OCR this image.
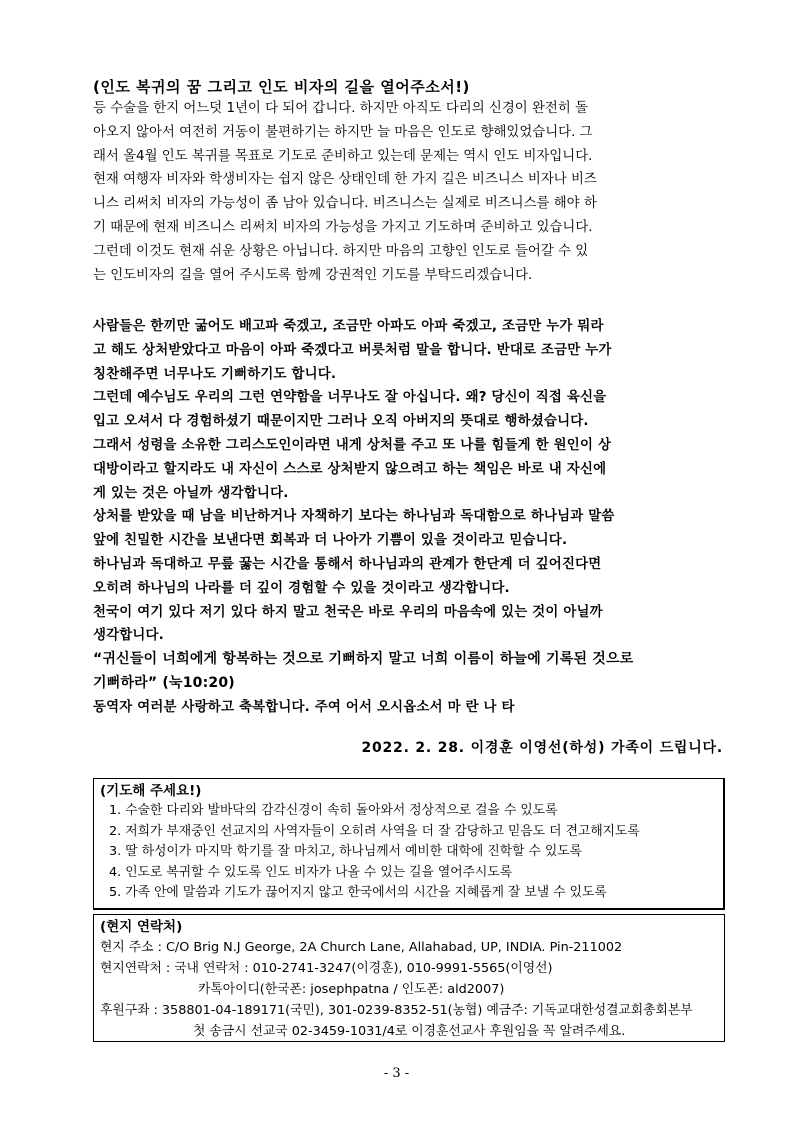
(인도 복귀의 꿈 그리고 인도 비자의 길을 열어주소서!)
등 수술을 한지 어느덧 1년이 다 되어 갑니다. 하지만 아직도 다리의 신경이 완전히 돌
아오지 않아서 여전히 거동이 불편하기는 하지만 늘 마음은 인도로 향해있었습니다. 그
래서 올4월 인도 복귀를 목표로 기도로 준비하고 있는데 문제는 역시 인도 비자입니다.
현재 여행자 비자와 학생비자는 쉽지 않은 상태인데 한 가지 길은 비즈니스 비자나 비즈
니스 리써치 비자의 가능성이 좀 남아 있습니다. 비즈니스는 실제로 비즈니스를 해야 하
기 때문에 현재 비즈니스 리써치 비자의 가능성을 가지고 기도하며 준비하고 있습니다.
그런데 이것도 현재 쉬운 상황은 아닙니다. 하지만 마음의 고향인 인도로 들어갈 수 있
는 인도비자의 길을 열어 주시도록 함께 강권적인 기도를 부탁드리겠습니다.
사람들은 한끼만 굶어도 배고파 죽겠고, 조금만 아파도 아파 죽겠고, 조금만 누가 뭐라
고 해도 상처받았다고 마음이 아파 죽겠다고 버릇처럼 말을 합니다. 반대로 조금만 누가
칭찬해주면 너무나도 기뻐하기도 합니다.
그런데 예수님도 우리의 그런 연약함을 너무나도 잘 아십니다. 왜? 당신이 직접 육신을
입고 오셔서 다 경험하셨기 때문이지만 그러나 오직 아버지의 뜻대로 행하셨습니다.
그래서 성령을 소유한 그리스도인이라면 내게 상처를 주고 또 나를 힘들게 한 원인이 상
대방이라고 할지라도 내 자신이 스스로 상처받지 않으려고 하는 책임은 바로 내 자신에
게 있는 것은 아닐까 생각합니다.
상처를 받았을 때 남을 비난하거나 자책하기 보다는 하나님과 독대함으로 하나님과 말씀
앞에 친밀한 시간을 보낸다면 회복과 더 나아가 기쁨이 있을 것이라고 믿습니다.
하나님과 독대하고 무릎 꿇는 시간을 통해서 하나님과의 관계가 한단계 더 깊어진다면
오히려 하나님의 나라를 더 깊이 경험할 수 있을 것이라고 생각합니다.
천국이 여기 있다 저기 있다 하지 말고 천국은 바로 우리의 마음속에 있는 것이 아닐까
생각합니다.
“귀신들이 너희에게 항복하는 것으로 기뻐하지 말고 너희 이름이 하늘에 기록된 것으로
기뻐하라” (눅10:20)
동역자 여러분 사랑하고 축복합니다. 주여 어서 오시옵소서 마 란 나 타
2022. 2. 28. 이경훈 이영선(하성) 가족이 드립니다.
(기도해 주세요!)
1. 수술한 다리와 발바닥의 감각신경이 속히 돌아와서 정상적으로 걸을 수 있도록
2. 저희가 부재중인 선교지의 사역자들이 오히려 사역을 더 잘 감당하고 믿음도 더 견고해지도록
3. 딸 하성이가 마지막 학기를 잘 마치고, 하나님께서 예비한 대학에 진학할 수 있도록
4. 인도로 복귀할 수 있도록 인도 비자가 나올 수 있는 길을 열어주시도록
5. 가족 안에 말씀과 기도가 끊어지지 않고 한국에서의 시간을 지혜롭게 잘 보낼 수 있도록
(현지 연락처)
현지 주소 : C/O Brig N.J George, 2A Church Lane, Allahabad, UP, INDIA. Pin-211002
현지연락처 : 국내 연락처 : 010-2741-3247(이경훈), 010-9991-5565(이영선)
카톡아이디(한국폰: josephpatna / 인도폰: ald2007)
후원구좌 : 358801-04-189171(국민), 301-0239-8352-51(농협) 예금주: 기독교대한성결교회총회본부
첫 송금시 선교국 02-3459-1031/4로 이경훈선교사 후원임을 꼭 알려주세요.
- 3 -
